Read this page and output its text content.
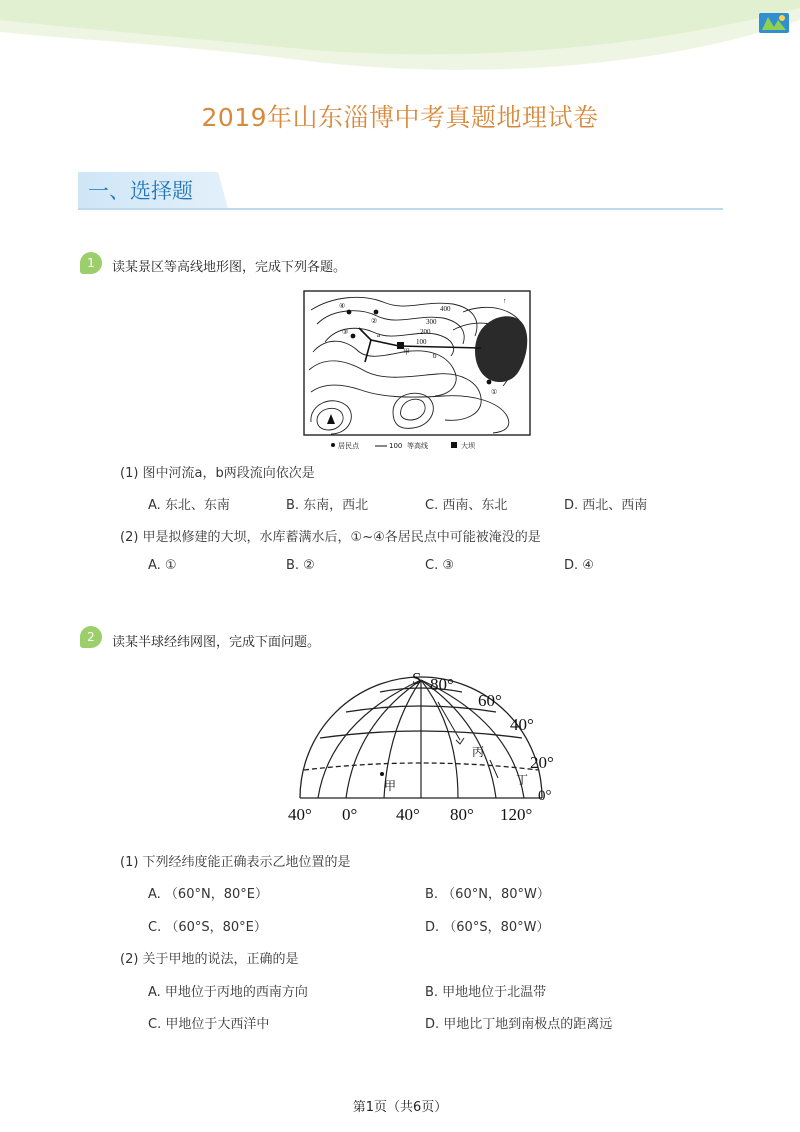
2019年山东淄博中考真题地理试卷
一、选择题
1	读某景区等高线地形图，完成下列各题。
↑
400
300
200
100
甲
a
b
①
②
③
④
居民点	100 等高线	大坝
(1) 图中河流a，b两段流向依次是
A. 东北、东南	B. 东南，西北	C. 西南、东北	D. 西北、西南
(2) 甲是拟修建的大坝，水库蓄满水后，①~④各居民点中可能被淹没的是
A. ①	B. ②	C. ③	D. ④
2	读某半球经纬网图，完成下面问题。
S 80°
60°
40°
20°
0°
40° 0° 40° 80° 120°
丙
丁
甲
(1) 下列经纬度能正确表示乙地位置的是
A. （60°N，80°E）	B. （60°N，80°W）
C. （60°S，80°E）	D. （60°S，80°W）
(2) 关于甲地的说法，正确的是
A. 甲地位于丙地的西南方向	B. 甲地地位于北温带
C. 甲地位于大西洋中	D. 甲地比丁地到南极点的距离远
第1页（共6页）
